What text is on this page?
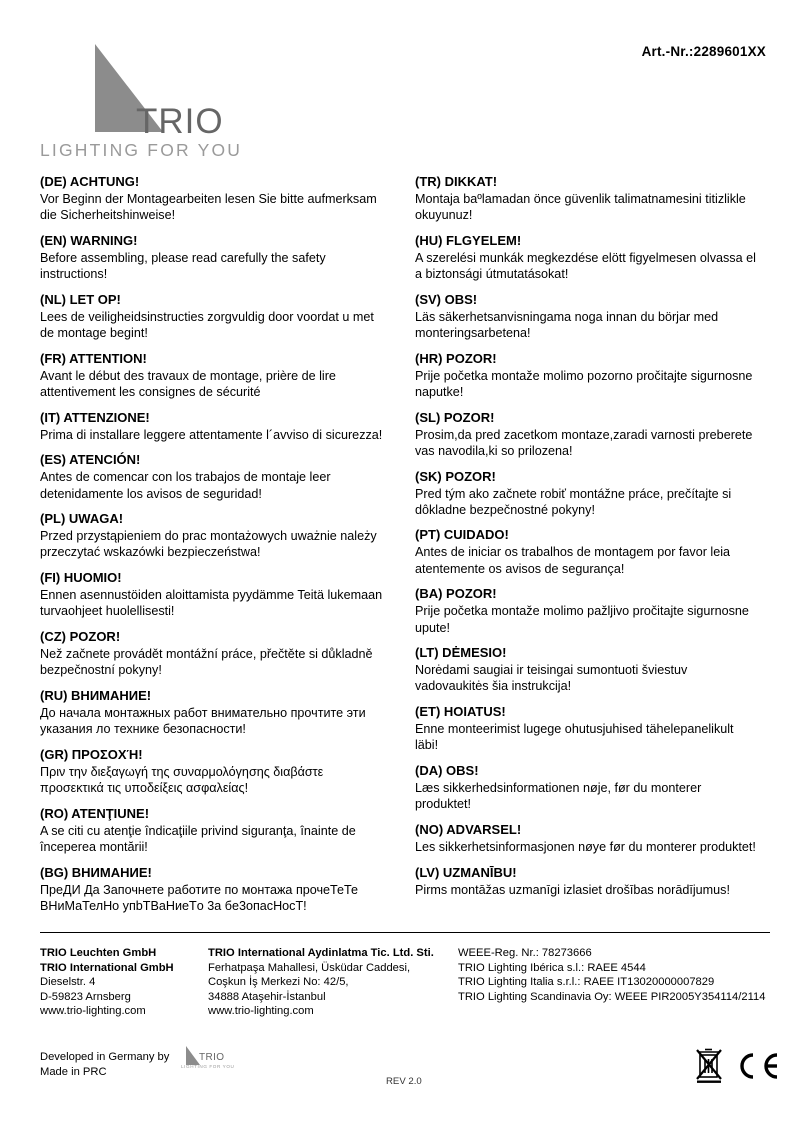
Art.-Nr.:2289601XX
TRIO
LIGHTING FOR YOU
(DE) ACHTUNG!
Vor Beginn der Montagearbeiten lesen Sie bitte aufmerksam die Sicherheitshinweise!
(EN) WARNING!
Before assembling, please read carefully the safety instructions!
(NL) LET OP!
Lees de veiligheidsinstructies zorgvuldig door voordat u met de montage begint!
(FR) ATTENTION!
Avant le début des travaux de montage, prière de lire attentivement les consignes de sécurité
(IT) ATTENZIONE!
Prima di installare leggere attentamente l´avviso di sicurezza!
(ES) ATENCIÓN!
Antes de comencar con los trabajos de montaje leer detenidamente los avisos de seguridad!
(PL) UWAGA!
Przed przystąpieniem do prac montażowych uważnie należy przeczytać wskazówki bezpieczeństwa!
(FI) HUOMIO!
Ennen asennustöiden aloittamista pyydämme Teitä lukemaan turvaohjeet huolellisesti!
(CZ) POZOR!
Než začnete provádět montážní práce, přečtěte si důkladně bezpečnostní pokyny!
(RU) ВНИМАНИЕ!
До начала монтажных работ внимательно прочтите эти указания ло технике безопасности!
(GR) ΠΡΟΣΟΧΉ!
Πριν την διεξαγωγή της συναρμολόγησης διαβάστε προσεκτικά τις υποδείξεις ασφαλείας!
(RO) ATENŢIUNE!
A se citi cu atenţie îndicaţiile privind siguranţa, înainte de începerea montării!
(BG) ВНИМАНИЕ!
ПреДИ Да Започнете работите по монтажа прочеТеТе ВНиМаТелНо упbТВаНиеTо 3a бe3опасHocT!
(TR) DIKKAT!
Montaja baºlamadan önce güvenlik talimatnamesini titizlikle okuyunuz!
(HU) FLGYELEM!
A szerelési munkák megkezdése elött figyelmesen olvassa el a biztonsági útmutatásokat!
(SV) OBS!
Läs säkerhetsanvisningama noga innan du börjar med monteringsarbetena!
(HR) POZOR!
Prije početka montaže molimo pozorno pročitajte sigurnosne naputke!
(SL) POZOR!
Prosim,da pred zacetkom montaze,zaradi varnosti preberete vas navodila,ki so prilozena!
(SK) POZOR!
Pred tým ako začnete robiť montážne práce, prečítajte si dôkladne bezpečnostné pokyny!
(PT) CUIDADO!
Antes de iniciar os trabalhos de montagem por favor leia atentemente os avisos de segurança!
(BA) POZOR!
Prije početka montaže molimo pažljivo pročitajte sigurnosne upute!
(LT) DĖMESIO!
Norėdami saugiai ir teisingai sumontuoti šviestuv vadovaukitės šia instrukcija!
(ET) HOIATUS!
Enne monteerimist lugege ohutusjuhised tähelepanelikult läbi!
(DA) OBS!
Læs sikkerhedsinformationen nøje, før du monterer produktet!
(NO) ADVARSEL!
Les sikkerhetsinformasjonen nøye før du monterer produktet!
(LV) UZMANĪBU!
Pirms montāžas uzmanīgi izlasiet drošības norādījumus!
TRIO Leuchten GmbH
TRIO International GmbH
Dieselstr. 4
D-59823 Arnsberg
www.trio-lighting.com
TRIO International Aydinlatma Tic. Ltd. Sti.
Ferhatpaşa Mahallesi, Üsküdar Caddesi,
Coşkun İş Merkezi No: 42/5,
34888 Ataşehir-İstanbul
www.trio-lighting.com
WEEE-Reg. Nr.: 78273666
TRIO Lighting Ibérica s.l.: RAEE 4544
TRIO Lighting Italia s.r.l.: RAEE IT13020000007829
TRIO Lighting Scandinavia Oy: WEEE PIR2005Y354114/2114
Developed in Germany by
Made in PRC
TRIO
LIGHTING FOR YOU
REV 2.0
